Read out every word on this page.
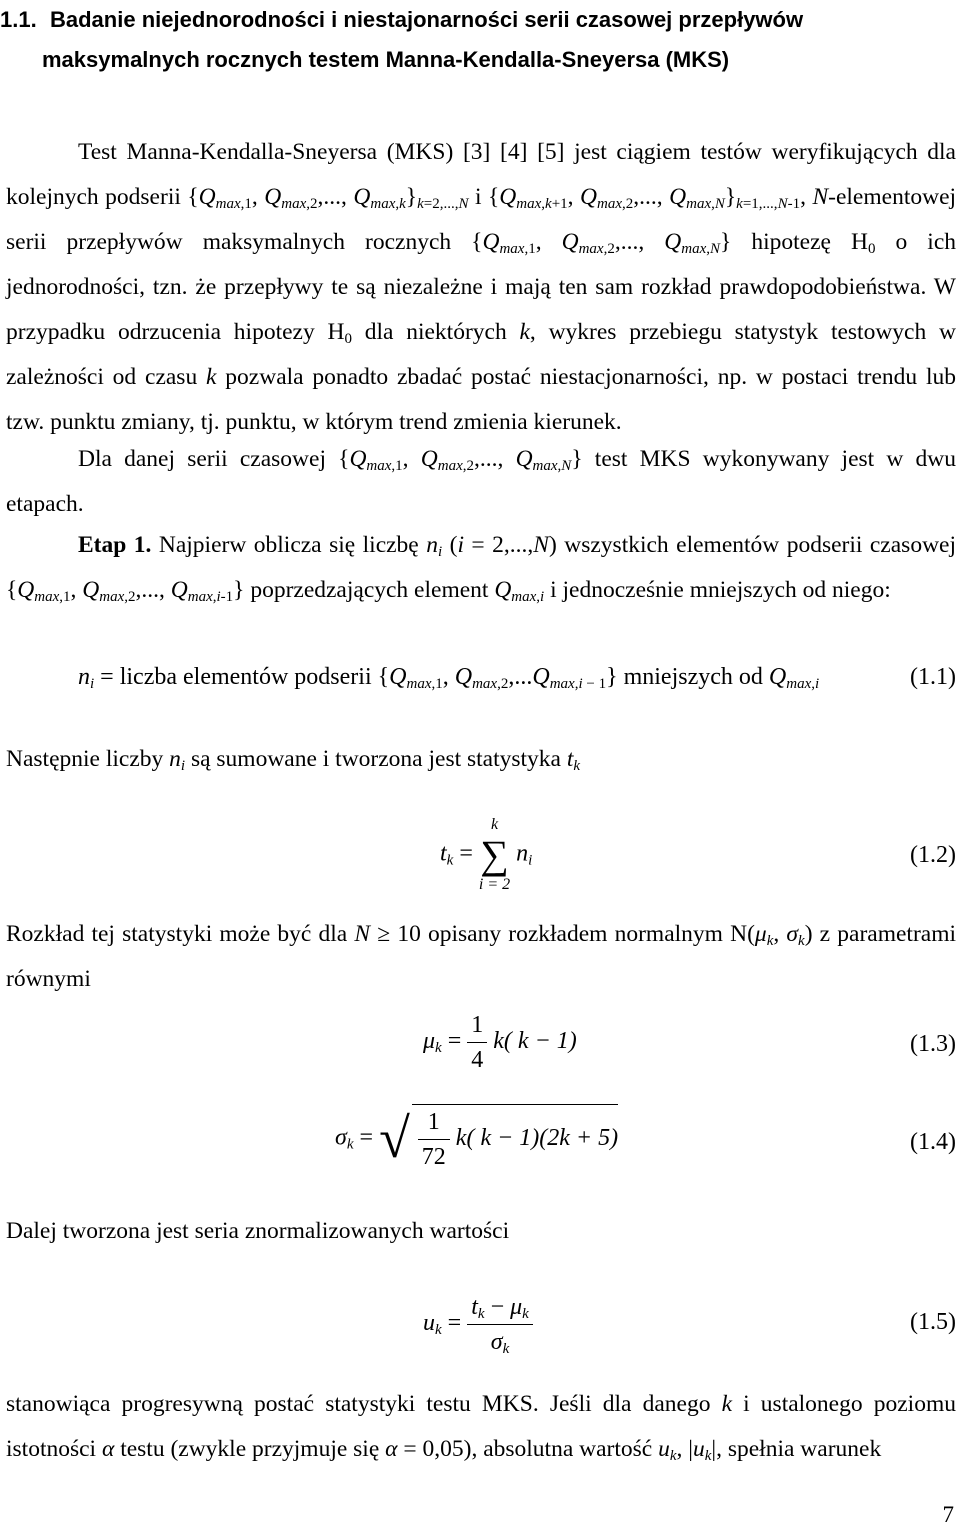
1.1. Badanie niejednorodności i niestajonarności serii czasowej przepływów
maksymalnych rocznych testem Manna-Kendalla-Sneyersa (MKS)
Test Manna-Kendalla-Sneyersa (MKS) [3] [4] [5] jest ciągiem testów weryfikujących dla kolejnych podserii {$Q_{max,1}$, $Q_{max,2}$,..., $Q_{max,k}\}_{k=2,...,N}$ i {$Q_{max,k+1}$, $Q_{max,2}$,..., $Q_{max,N}\}_{k=1,...,N-1}$, N-elementowej serii przepływów maksymalnych rocznych {$Q_{max,1}$, $Q_{max,2}$,..., $Q_{max,N}$} hipotezę $H_0$ o ich jednorodności, tzn. że przepływy te są niezależne i mają ten sam rozkład prawdopodobieństwa. W przypadku odrzucenia hipotezy $H_0$ dla niektórych k, wykres przebiegu statystyk testowych w zależności od czasu k pozwala ponadto zbadać postać niestacjonarności, np. w postaci trendu lub tzw. punktu zmiany, tj. punktu, w którym trend zmienia kierunek.
Dla danej serii czasowej {$Q_{max,1}$, $Q_{max,2}$,..., $Q_{max,N}$} test MKS wykonywany jest w dwu etapach.
Etap 1. Najpierw oblicza się liczbę $n_i$ (i = 2,...,N) wszystkich elementów podserii czasowej {$Q_{max,1}$, $Q_{max,2}$,..., $Q_{max,i-1}$} poprzedzających element $Q_{max,i}$ i jednocześnie mniejszych od niego:
$n_i$ = liczba elementów podserii {$Q_{max,1}$, $Q_{max,2},...Q_{max,i - 1}$} mniejszych od $Q_{max,i}$	(1.1)
Następnie liczby $n_i$ są sumowane i tworzona jest statystyka $t_k$
$t_k$ =
k
∑
i = 2
$n_i$	(1.2)
Rozkład tej statystyki może być dla N ≥ 10 opisany rozkładem normalnym $N(\mu_k$, $\sigma_k$) z parametrami równymi
$\mu_k = \frac{1}{4} k$( k − 1)	(1.3)
$\sigma_k$ = √ $\frac{1}{72} k$( k − 1)(2k + 5)	(1.4)
Dalej tworzona jest seria znormalizowanych wartości
$u_k = \frac{t_k - \mu_k}{\sigma_k}$	(1.5)
stanowiąca progresywną postać statystyki testu MKS. Jeśli dla danego k i ustalonego poziomu istotności α testu (zwykle przyjmuje się α = 0,05), absolutna wartość $u_k$, $|u_k|$, spełnia warunek
7
